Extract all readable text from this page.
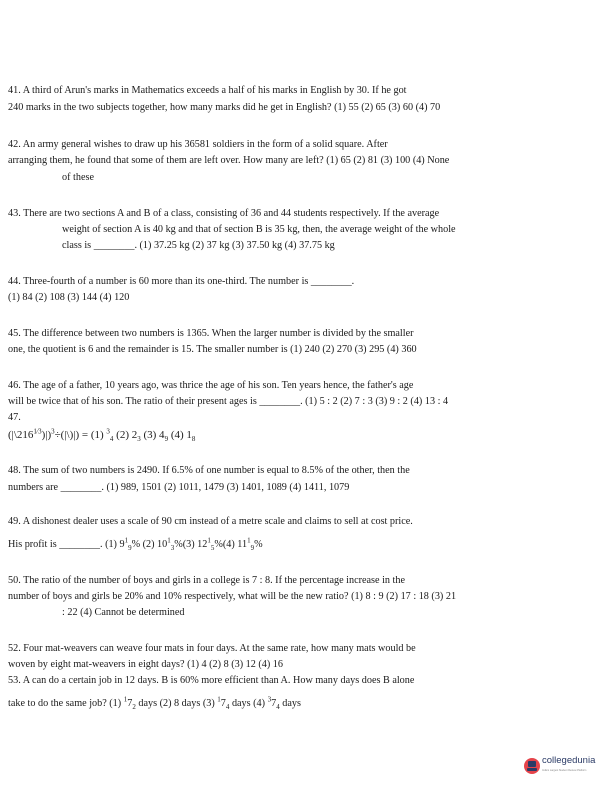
41. A third of Arun's marks in Mathematics exceeds a half of his marks in English by 30. If he got
240 marks in the two subjects together, how many marks did he get in English? (1) 55 (2) 65 (3) 60 (4) 70
42. An army general wishes to draw up his 36581 soldiers in the form of a solid square. After
arranging them, he found that some of them are left over. How many are left? (1) 65 (2) 81 (3) 100 (4) None
of these
43. There are two sections A and B of a class, consisting of 36 and 44 students respectively. If the average
weight of section A is 40 kg and that of section B is 35 kg, then, the average weight of the whole
class is ________. (1) 37.25 kg (2) 37 kg (3) 37.50 kg (4) 37.75 kg
44. Three-fourth of a number is 60 more than its one-third. The number is ________.
(1) 84 (2) 108 (3) 144 (4) 120
45. The difference between two numbers is 1365. When the larger number is divided by the smaller
one, the quotient is 6 and the remainder is 15. The smaller number is (1) 240 (2) 270 (3) 295 (4) 360
46. The age of a father, 10 years ago, was thrice the age of his son. Ten years hence, the father's age
will be twice that of his son. The ratio of their present ages is ________. (1) 5 : 2 (2) 7 : 3 (3) 9 : 2 (4) 13 : 4
47.
$(|\backslash 216^{1⁄3})|)^3\div(|\backslash)|) = (1)$ $^3_4$ (2) $2_3$ (3) $4_9$ (4) $1_8$
48. The sum of two numbers is 2490. If 6.5% of one number is equal to 8.5% of the other, then the
numbers are ________. (1) 989, 1501 (2) 1011, 1479 (3) 1401, 1089 (4) 1411, 1079
49. A dishonest dealer uses a scale of 90 cm instead of a metre scale and claims to sell at cost price.
His profit is ________. (1) $9^1_9\%$ (2) $10^1_3\%(3)$ $12^1_5\%(4)$ $11^1_9\%$
50. The ratio of the number of boys and girls in a college is 7 : 8. If the percentage increase in the
number of boys and girls be 20% and 10% respectively, what will be the new ratio? (1) 8 : 9 (2) 17 : 18 (3) 21
: 22 (4) Cannot be determined
52. Four mat-weavers can weave four mats in four days. At the same rate, how many mats would be
woven by eight mat-weavers in eight days? (1) 4 (2) 8 (3) 12 (4) 16
53. A can do a certain job in 12 days. B is 60% more efficient than A. How many days does B alone
take to do the same job? (1) $^17_2$ days (2) 8 days (3) $^17_4$ days (4) $^37_4$ days
collegedunia
India's Largest Student Review Platform
